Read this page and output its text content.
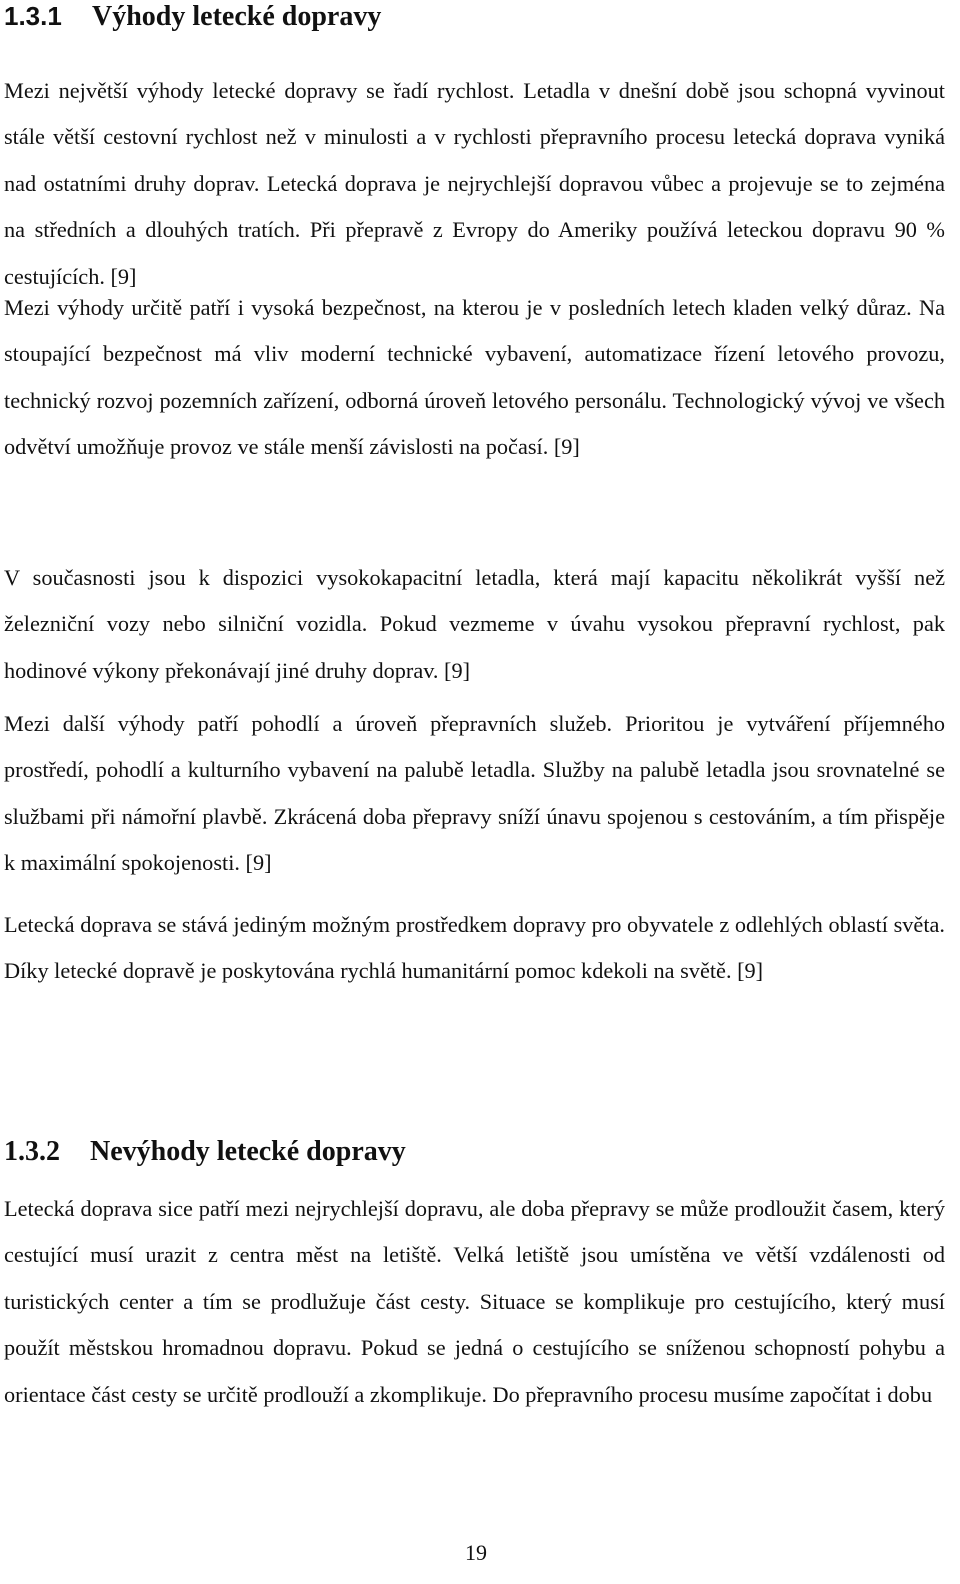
1.3.1 Výhody letecké dopravy

Mezi největší výhody letecké dopravy se řadí rychlost. Letadla v dnešní době jsou schopná vyvinout stále větší cestovní rychlost než v minulosti a v rychlosti přepravního procesu letecká doprava vyniká nad ostatními druhy doprav. Letecká doprava je nejrychlejší dopravou vůbec a projevuje se to zejména na středních a dlouhých tratích. Při přepravě z Evropy do Ameriky používá leteckou dopravu 90 % cestujících. [9]

Mezi výhody určitě patří i vysoká bezpečnost, na kterou je v posledních letech kladen velký důraz. Na stoupající bezpečnost má vliv moderní technické vybavení, automatizace řízení letového provozu, technický rozvoj pozemních zařízení, odborná úroveň letového personálu. Technologický vývoj ve všech odvětví umožňuje provoz ve stále menší závislosti na počasí. [9]

V současnosti jsou k dispozici vysokokapacitní letadla, která mají kapacitu několikrát vyšší než železniční vozy nebo silniční vozidla. Pokud vezmeme v úvahu vysokou přepravní rychlost, pak hodinové výkony překonávají jiné druhy doprav. [9]

Mezi další výhody patří pohodlí a úroveň přepravních služeb. Prioritou je vytváření příjemného prostředí, pohodlí a kulturního vybavení na palubě letadla. Služby na palubě letadla jsou srovnatelné se službami při námořní plavbě. Zkrácená doba přepravy sníží únavu spojenou s cestováním, a tím přispěje k maximální spokojenosti. [9]

Letecká doprava se stává jediným možným prostředkem dopravy pro obyvatele z odlehlých oblastí světa. Díky letecké dopravě je poskytována rychlá humanitární pomoc kdekoli na světě. [9]

1.3.2 Nevýhody letecké dopravy

Letecká doprava sice patří mezi nejrychlejší dopravu, ale doba přepravy se může prodloužit časem, který cestující musí urazit z centra měst na letiště. Velká letiště jsou umístěna ve větší vzdálenosti od turistických center a tím se prodlužuje část cesty. Situace se komplikuje pro cestujícího, který musí použít městskou hromadnou dopravu. Pokud se jedná o cestujícího se sníženou schopností pohybu a orientace část cesty se určitě prodlouží a zkomplikuje. Do přepravního procesu musíme započítat i dobu

19
